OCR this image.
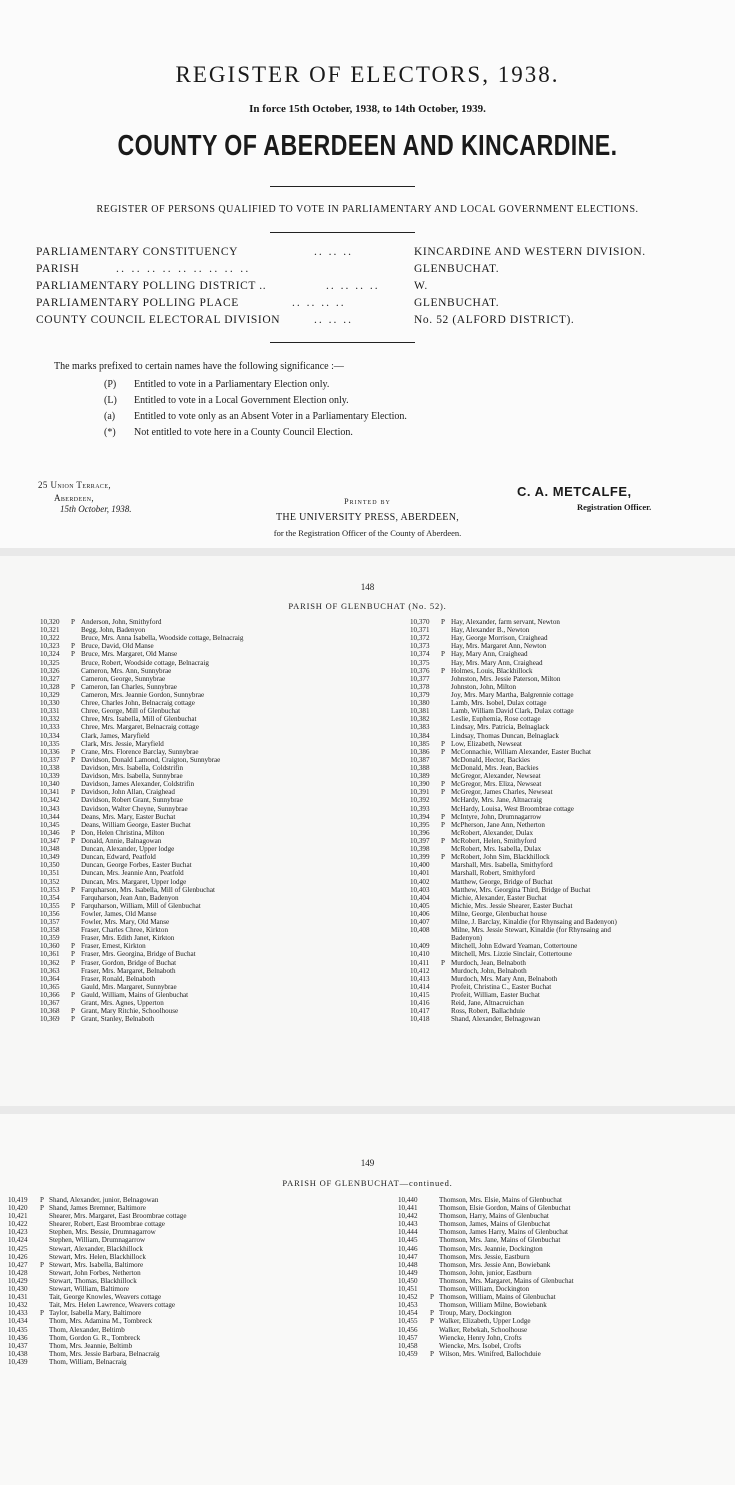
REGISTER OF ELECTORS, 1938.
In force 15th October, 1938, to 14th October, 1939.
COUNTY OF ABERDEEN AND KINCARDINE.
REGISTER OF PERSONS QUALIFIED TO VOTE IN PARLIAMENTARY AND LOCAL GOVERNMENT ELECTIONS.
PARLIAMENTARY CONSTITUENCY	.. .. ..	KINCARDINE AND WESTERN DIVISION.
PARISH	.. .. .. .. .. .. .. .. ..	GLENBUCHAT.
PARLIAMENTARY POLLING DISTRICT ..	.. .. .. ..	W.
PARLIAMENTARY POLLING PLACE	.. .. .. ..	GLENBUCHAT.
COUNTY COUNCIL ELECTORAL DIVISION	.. .. ..	No. 52 (ALFORD DISTRICT).
The marks prefixed to certain names have the following significance :—
(P) Entitled to vote in a Parliamentary Election only.
(L) Entitled to vote in a Local Government Election only.
(a) Entitled to vote only as an Absent Voter in a Parliamentary Election.
(*) Not entitled to vote here in a County Council Election.
25 Union Terrace,
Aberdeen,
15th October, 1938.
Printed by
THE UNIVERSITY PRESS, ABERDEEN,
for the Registration Officer of the County of Aberdeen.
C. A. METCALFE,
Registration Officer.
148
PARISH OF GLENBUCHAT (No. 52).
10,320	P Anderson, John, Smithyford
10,321	Begg, John, Badenyon
10,322	Bruce, Mrs. Anna Isabella, Woodside cottage, Belnacraig
10,323	P Bruce, David, Old Manse
10,324	P Bruce, Mrs. Margaret, Old Manse
10,325	Bruce, Robert, Woodside cottage, Belnacraig
10,326	Cameron, Mrs. Ann, Sunnybrae
10,327	Cameron, George, Sunnybrae
10,328	P Cameron, Ian Charles, Sunnybrae
10,329	Cameron, Mrs. Jeannie Gordon, Sunnybrae
10,330	Chree, Charles John, Belnacraig cottage
10,331	Chree, George, Mill of Glenbuchat
10,332	Chree, Mrs. Isabella, Mill of Glenbuchat
10,333	Chree, Mrs. Margaret, Belnacraig cottage
10,334	Clark, James, Maryfield
10,335	Clark, Mrs. Jessie, Maryfield
10,336	P Crane, Mrs. Florence Barclay, Sunnybrae
10,337	P Davidson, Donald Lamond, Craigton, Sunnybrae
10,338	Davidson, Mrs. Isabella, Coldstrifin
10,339	Davidson, Mrs. Isabella, Sunnybrae
10,340	Davidson, James Alexander, Coldstrifin
10,341	P Davidson, John Allan, Craighead
10,342	Davidson, Robert Grant, Sunnybrae
10,343	Davidson, Walter Cheyne, Sunnybrae
10,344	Deans, Mrs. Mary, Easter Buchat
10,345	Deans, William George, Easter Buchat
10,346	P Don, Helen Christina, Milton
10,347	P Donald, Annie, Balnagowan
10,348	Duncan, Alexander, Upper lodge
10,349	Duncan, Edward, Peatfold
10,350	Duncan, George Forbes, Easter Buchat
10,351	Duncan, Mrs. Jeannie Ann, Peatfold
10,352	Duncan, Mrs. Margaret, Upper lodge
10,353	P Farquharson, Mrs. Isabella, Mill of Glenbuchat
10,354	Farquharson, Jean Ann, Badenyon
10,355	P Farquharson, William, Mill of Glenbuchat
10,356	Fowler, James, Old Manse
10,357	Fowler, Mrs. Mary, Old Manse
10,358	Fraser, Charles Chree, Kirkton
10,359	Fraser, Mrs. Edith Janet, Kirkton
10,360	P Fraser, Ernest, Kirkton
10,361	P Fraser, Mrs. Georgina, Bridge of Buchat
10,362	P Fraser, Gordon, Bridge of Buchat
10,363	Fraser, Mrs. Margaret, Belnaboth
10,364	Fraser, Ronald, Belnaboth
10,365	Gauld, Mrs. Margaret, Sunnybrae
10,366	P Gauld, William, Mains of Glenbuchat
10,367	Grant, Mrs. Agnes, Upperton
10,368	P Grant, Mary Ritchie, Schoolhouse
10,369	P Grant, Stanley, Belnaboth
10,370	P Hay, Alexander, farm servant, Newton
10,371	Hay, Alexander B., Newton
10,372	Hay, George Morrison, Craighead
10,373	Hay, Mrs. Margaret Ann, Newton
10,374	P Hay, Mary Ann, Craighead
10,375	Hay, Mrs. Mary Ann, Craighead
10,376	P Holmes, Louis, Blackhillock
10,377	Johnston, Mrs. Jessie Paterson, Milton
10,378	Johnston, John, Milton
10,379	Joy, Mrs. Mary Martha, Balgrennie cottage
10,380	Lamb, Mrs. Isobel, Dulax cottage
10,381	Lamb, William David Clark, Dulax cottage
10,382	Leslie, Euphemia, Rose cottage
10,383	Lindsay, Mrs. Patricia, Belnaglack
10,384	Lindsay, Thomas Duncan, Belnaglack
10,385	P Low, Elizabeth, Newseat
10,386	P McConnachie, William Alexander, Easter Buchat
10,387	McDonald, Hector, Backies
10,388	McDonald, Mrs. Jean, Backies
10,389	McGregor, Alexander, Newseat
10,390	P McGregor, Mrs. Eliza, Newseat
10,391	P McGregor, James Charles, Newseat
10,392	McHardy, Mrs. Jane, Altnacraig
10,393	McHardy, Louisa, West Broombrae cottage
10,394	P McIntyre, John, Drumnagarrow
10,395	P McPherson, Jane Ann, Netherton
10,396	McRobert, Alexander, Dulax
10,397	P McRobert, Helen, Smithyford
10,398	McRobert, Mrs. Isabella, Dulax
10,399	P McRobert, John Sim, Blackhillock
10,400	Marshall, Mrs. Isabella, Smithyford
10,401	Marshall, Robert, Smithyford
10,402	Matthew, George, Bridge of Buchat
10,403	Matthew, Mrs. Georgina Third, Bridge of Buchat
10,404	Michie, Alexander, Easter Buchat
10,405	Michie, Mrs. Jessie Shearer, Easter Buchat
10,406	Milne, George, Glenbuchat house
10,407	Milne, J. Barclay, Kinaldie (for Rhynsaing and Badenyon)
10,408	Milne, Mrs. Jessie Stewart, Kinaldie (for Rhynsaing and
Badenyon)
10,409	Mitchell, John Edward Yeaman, Cottertoune
10,410	Mitchell, Mrs. Lizzie Sinclair, Cottertoune
10,411	P Murdoch, Jean, Belnaboth
10,412	Murdoch, John, Belnaboth
10,413	Murdoch, Mrs. Mary Ann, Belnaboth
10,414	Profeit, Christina C., Easter Buchat
10,415	Profeit, William, Easter Buchat
10,416	Reid, Jane, Altnacruichan
10,417	Ross, Robert, Ballachduie
10,418	Shand, Alexander, Belnagowan
149
PARISH OF GLENBUCHAT—continued.
10,419	P Shand, Alexander, junior, Belnagowan
10,420	P Shand, James Bremner, Baltimore
10,421	Shearer, Mrs. Margaret, East Broombrae cottage
10,422	Shearer, Robert, East Broombrae cottage
10,423	Stephen, Mrs. Bessie, Drumnagarrow
10,424	Stephen, William, Drumnagarrow
10,425	Stewart, Alexander, Blackhillock
10,426	Stewart, Mrs. Helen, Blackhillock
10,427	P Stewart, Mrs. Isabella, Baltimore
10,428	Stewart, John Forbes, Netherton
10,429	Stewart, Thomas, Blackhillock
10,430	Stewart, William, Baltimore
10,431	Tait, George Knowles, Weavers cottage
10,432	Tait, Mrs. Helen Lawrence, Weavers cottage
10,433	P Taylor, Isabella Mary, Baltimore
10,434	Thom, Mrs. Adamina M., Tombreck
10,435	Thom, Alexander, Beltimb
10,436	Thom, Gordon G. R., Tombreck
10,437	Thom, Mrs. Jeannie, Beltimb
10,438	Thom, Mrs. Jessie Barbara, Belnacraig
10,439	Thom, William, Belnacraig
10,440	Thomson, Mrs. Elsie, Mains of Glenbuchat
10,441	Thomson, Elsie Gordon, Mains of Glenbuchat
10,442	Thomson, Harry, Mains of Glenbuchat
10,443	Thomson, James, Mains of Glenbuchat
10,444	Thomson, James Harry, Mains of Glenbuchat
10,445	Thomson, Mrs. Jane, Mains of Glenbuchat
10,446	Thomson, Mrs. Jeannie, Dockington
10,447	Thomson, Mrs. Jessie, Eastburn
10,448	Thomson, Mrs. Jessie Ann, Bowiebank
10,449	Thomson, John, junior, Eastburn
10,450	Thomson, Mrs. Margaret, Mains of Glenbuchat
10,451	Thomson, William, Dockington
10,452	P Thomson, William, Mains of Glenbuchat
10,453	Thomson, William Milne, Bowiebank
10,454	P Troup, Mary, Dockington
10,455	P Walker, Elizabeth, Upper Lodge
10,456	Walker, Rebekah, Schoolhouse
10,457	Wiencke, Henry John, Crofts
10,458	Wiencke, Mrs. Isobel, Crofts
10,459	P Wilson, Mrs. Winifred, Ballochduie
